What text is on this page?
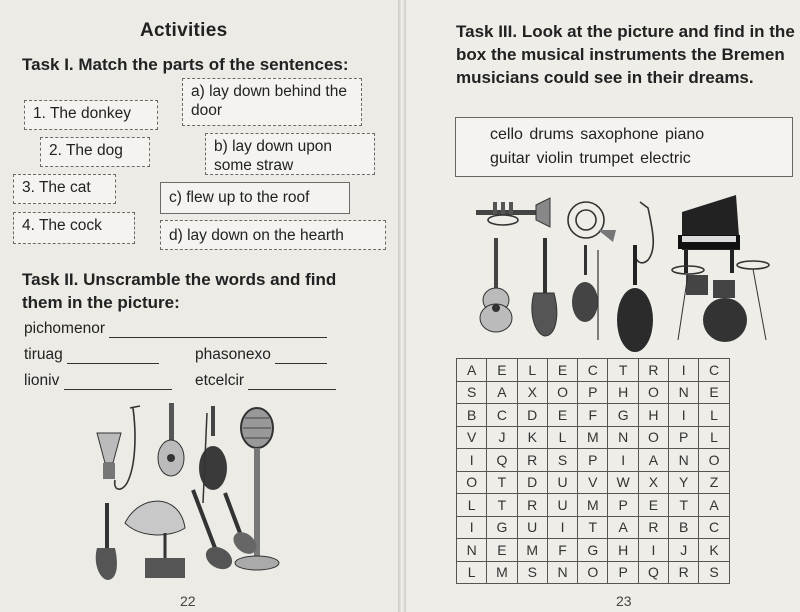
Activities
Task I. Match the parts of the sentences:
1. The donkey
2. The dog
3. The cat
4. The cock
a) lay down behind the door
b) lay down upon some straw
c) flew up to the roof
d) lay down on the hearth
Task II. Unscramble the words and find them in the picture:
pichomenor
tiruag	phasonexo
lioniv	etcelcir
22
Task III. Look at the picture and find in the box the musical instruments the Bremen musicians could see in their dreams.
cello drums saxophone piano
guitar violin trumpet electric
A	E	L	E	C	T	R	I	C
S	A	X	O	P	H	O	N	E
B	C	D	E	F	G	H	I	L
V	J	K	L	M	N	O	P	L
I	Q	R	S	P	I	A	N	O
O	T	D	U	V	W	X	Y	Z
L	T	R	U	M	P	E	T	A
I	G	U	I	T	A	R	B	C
N	E	M	F	G	H	I	J	K
L	M	S	N	O	P	Q	R	S
23
